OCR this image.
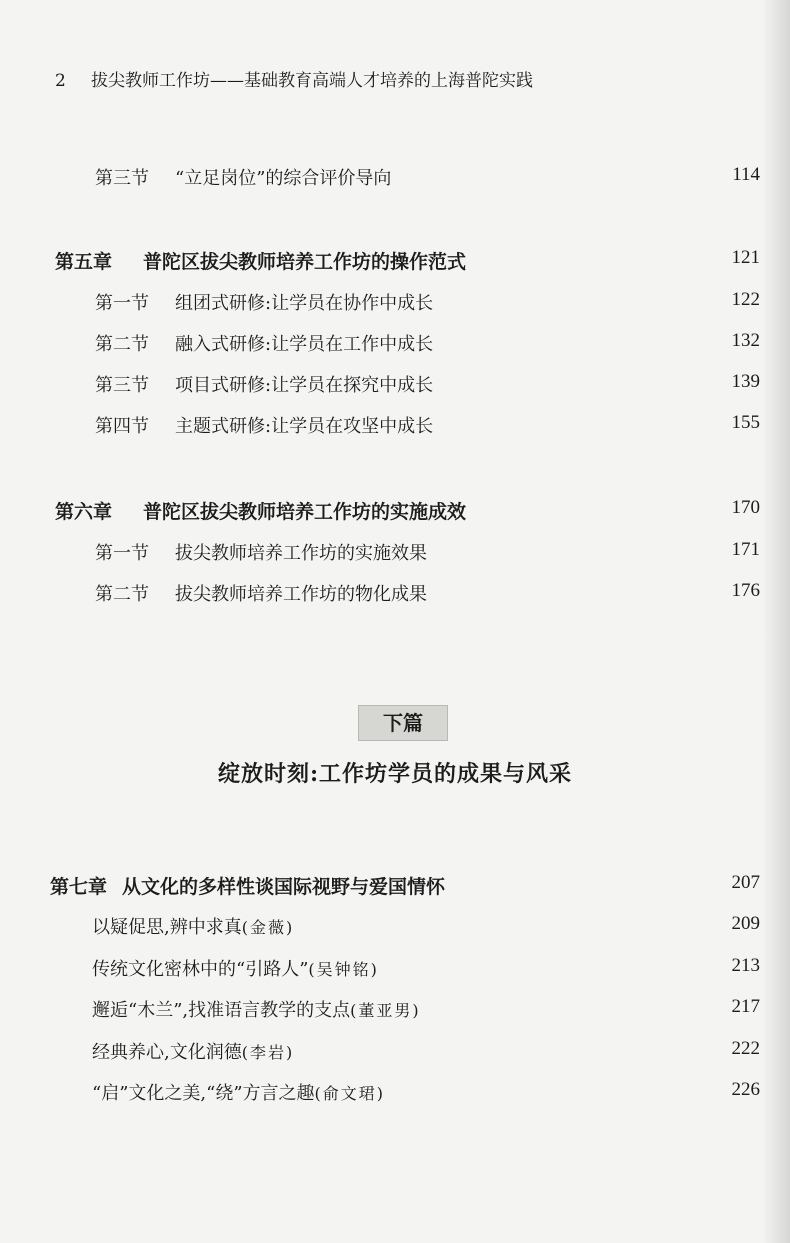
2 拔尖教师工作坊——基础教育高端人才培养的上海普陀实践
第三节 “立足岗位”的综合评价导向	114
第五章 普陀区拔尖教师培养工作坊的操作范式	121
第一节 组团式研修:让学员在协作中成长	122
第二节 融入式研修:让学员在工作中成长	132
第三节 项目式研修:让学员在探究中成长	139
第四节 主题式研修:让学员在攻坚中成长	155
第六章 普陀区拔尖教师培养工作坊的实施成效	170
第一节 拔尖教师培养工作坊的实施效果	171
第二节 拔尖教师培养工作坊的物化成果	176
下篇
绽放时刻:工作坊学员的成果与风采
第七章 从文化的多样性谈国际视野与爱国情怀	207
以疑促思,辨中求真(金薇)	209
传统文化密林中的“引路人”(吴钟铭)	213
邂逅“木兰”,找准语言教学的支点(董亚男)	217
经典养心,文化润德(李岩)	222
“启”文化之美,“绕”方言之趣(俞文珺)	226
